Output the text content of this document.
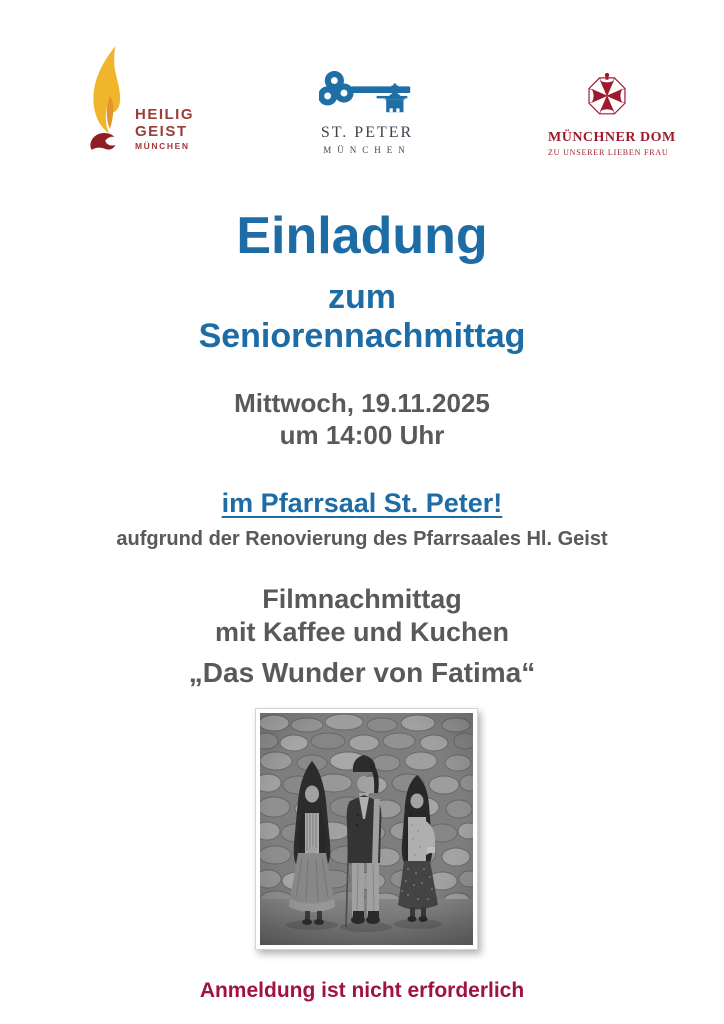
HEILIG
GEIST
MÜNCHEN
ST. PETER
MÜNCHEN
MÜNCHNER DOM
ZU UNSERER LIEBEN FRAU
Einladung
zum
Seniorennachmittag
Mittwoch, 19.11.2025
um 14:00 Uhr
im Pfarrsaal St. Peter!
aufgrund der Renovierung des Pfarrsaales Hl. Geist
Filmnachmittag
mit Kaffee und Kuchen
„Das Wunder von Fatima“
Anmeldung ist nicht erforderlich
